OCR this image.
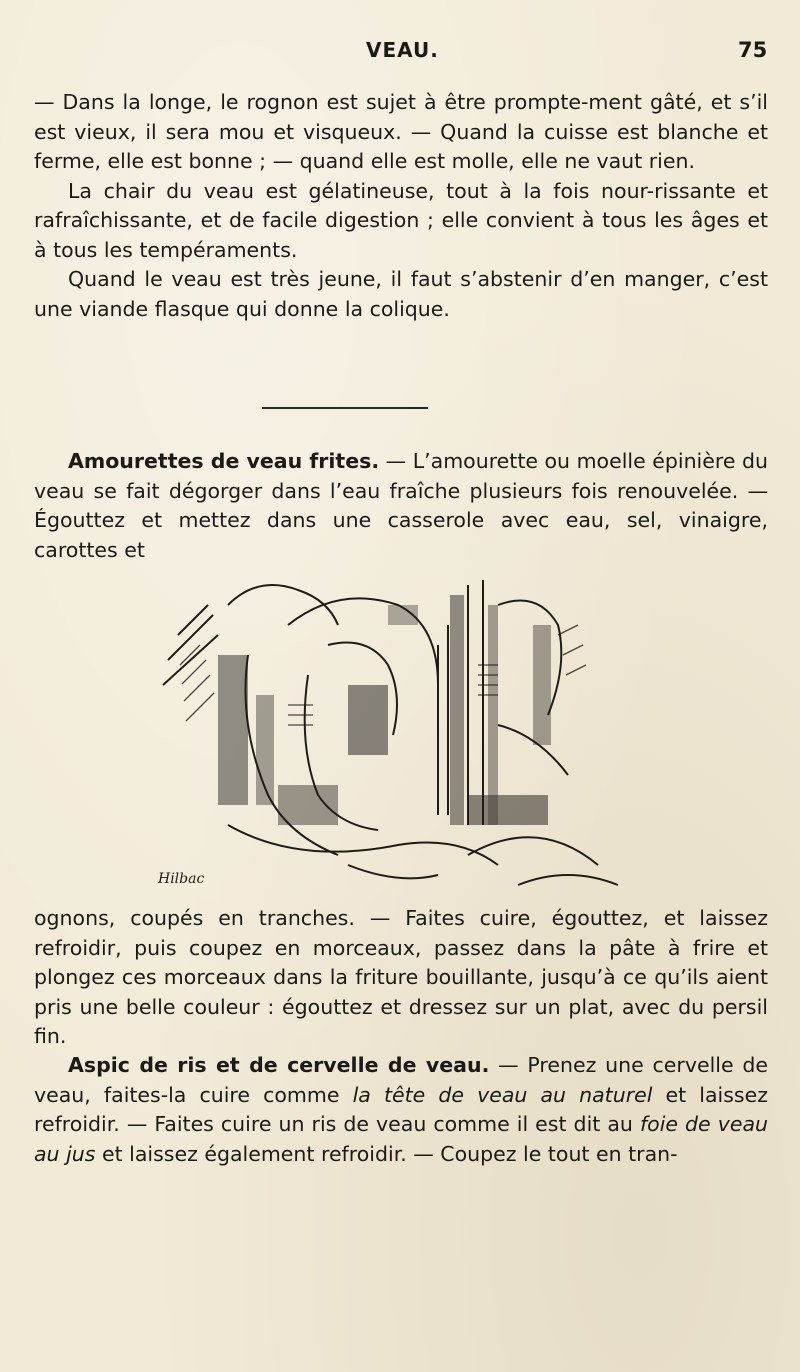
VEAU.	75

— Dans la longe, le rognon est sujet à être prompte-ment gâté, et s’il est vieux, il sera mou et visqueux. — Quand la cuisse est blanche et ferme, elle est bonne ; — quand elle est molle, elle ne vaut rien.

La chair du veau est gélatineuse, tout à la fois nour-rissante et rafraîchissante, et de facile digestion ; elle convient à tous les âges et à tous les tempéraments.

Quand le veau est très jeune, il faut s’abstenir d’en manger, c’est une viande flasque qui donne la colique.

Amourettes de veau frites. — L’amourette ou moelle épinière du veau se fait dégorger dans l’eau fraîche plusieurs fois renouvelée. — Égouttez et mettez dans une casserole avec eau, sel, vinaigre, carottes et

Hilbac

ognons, coupés en tranches. — Faites cuire, égouttez, et laissez refroidir, puis coupez en morceaux, passez dans la pâte à frire et plongez ces morceaux dans la friture bouillante, jusqu’à ce qu’ils aient pris une belle couleur : égouttez et dressez sur un plat, avec du persil fin.

Aspic de ris et de cervelle de veau. — Prenez une cervelle de veau, faites-la cuire comme la tête de veau au naturel et laissez refroidir. — Faites cuire un ris de veau comme il est dit au foie de veau au jus et laissez également refroidir. — Coupez le tout en tran-
